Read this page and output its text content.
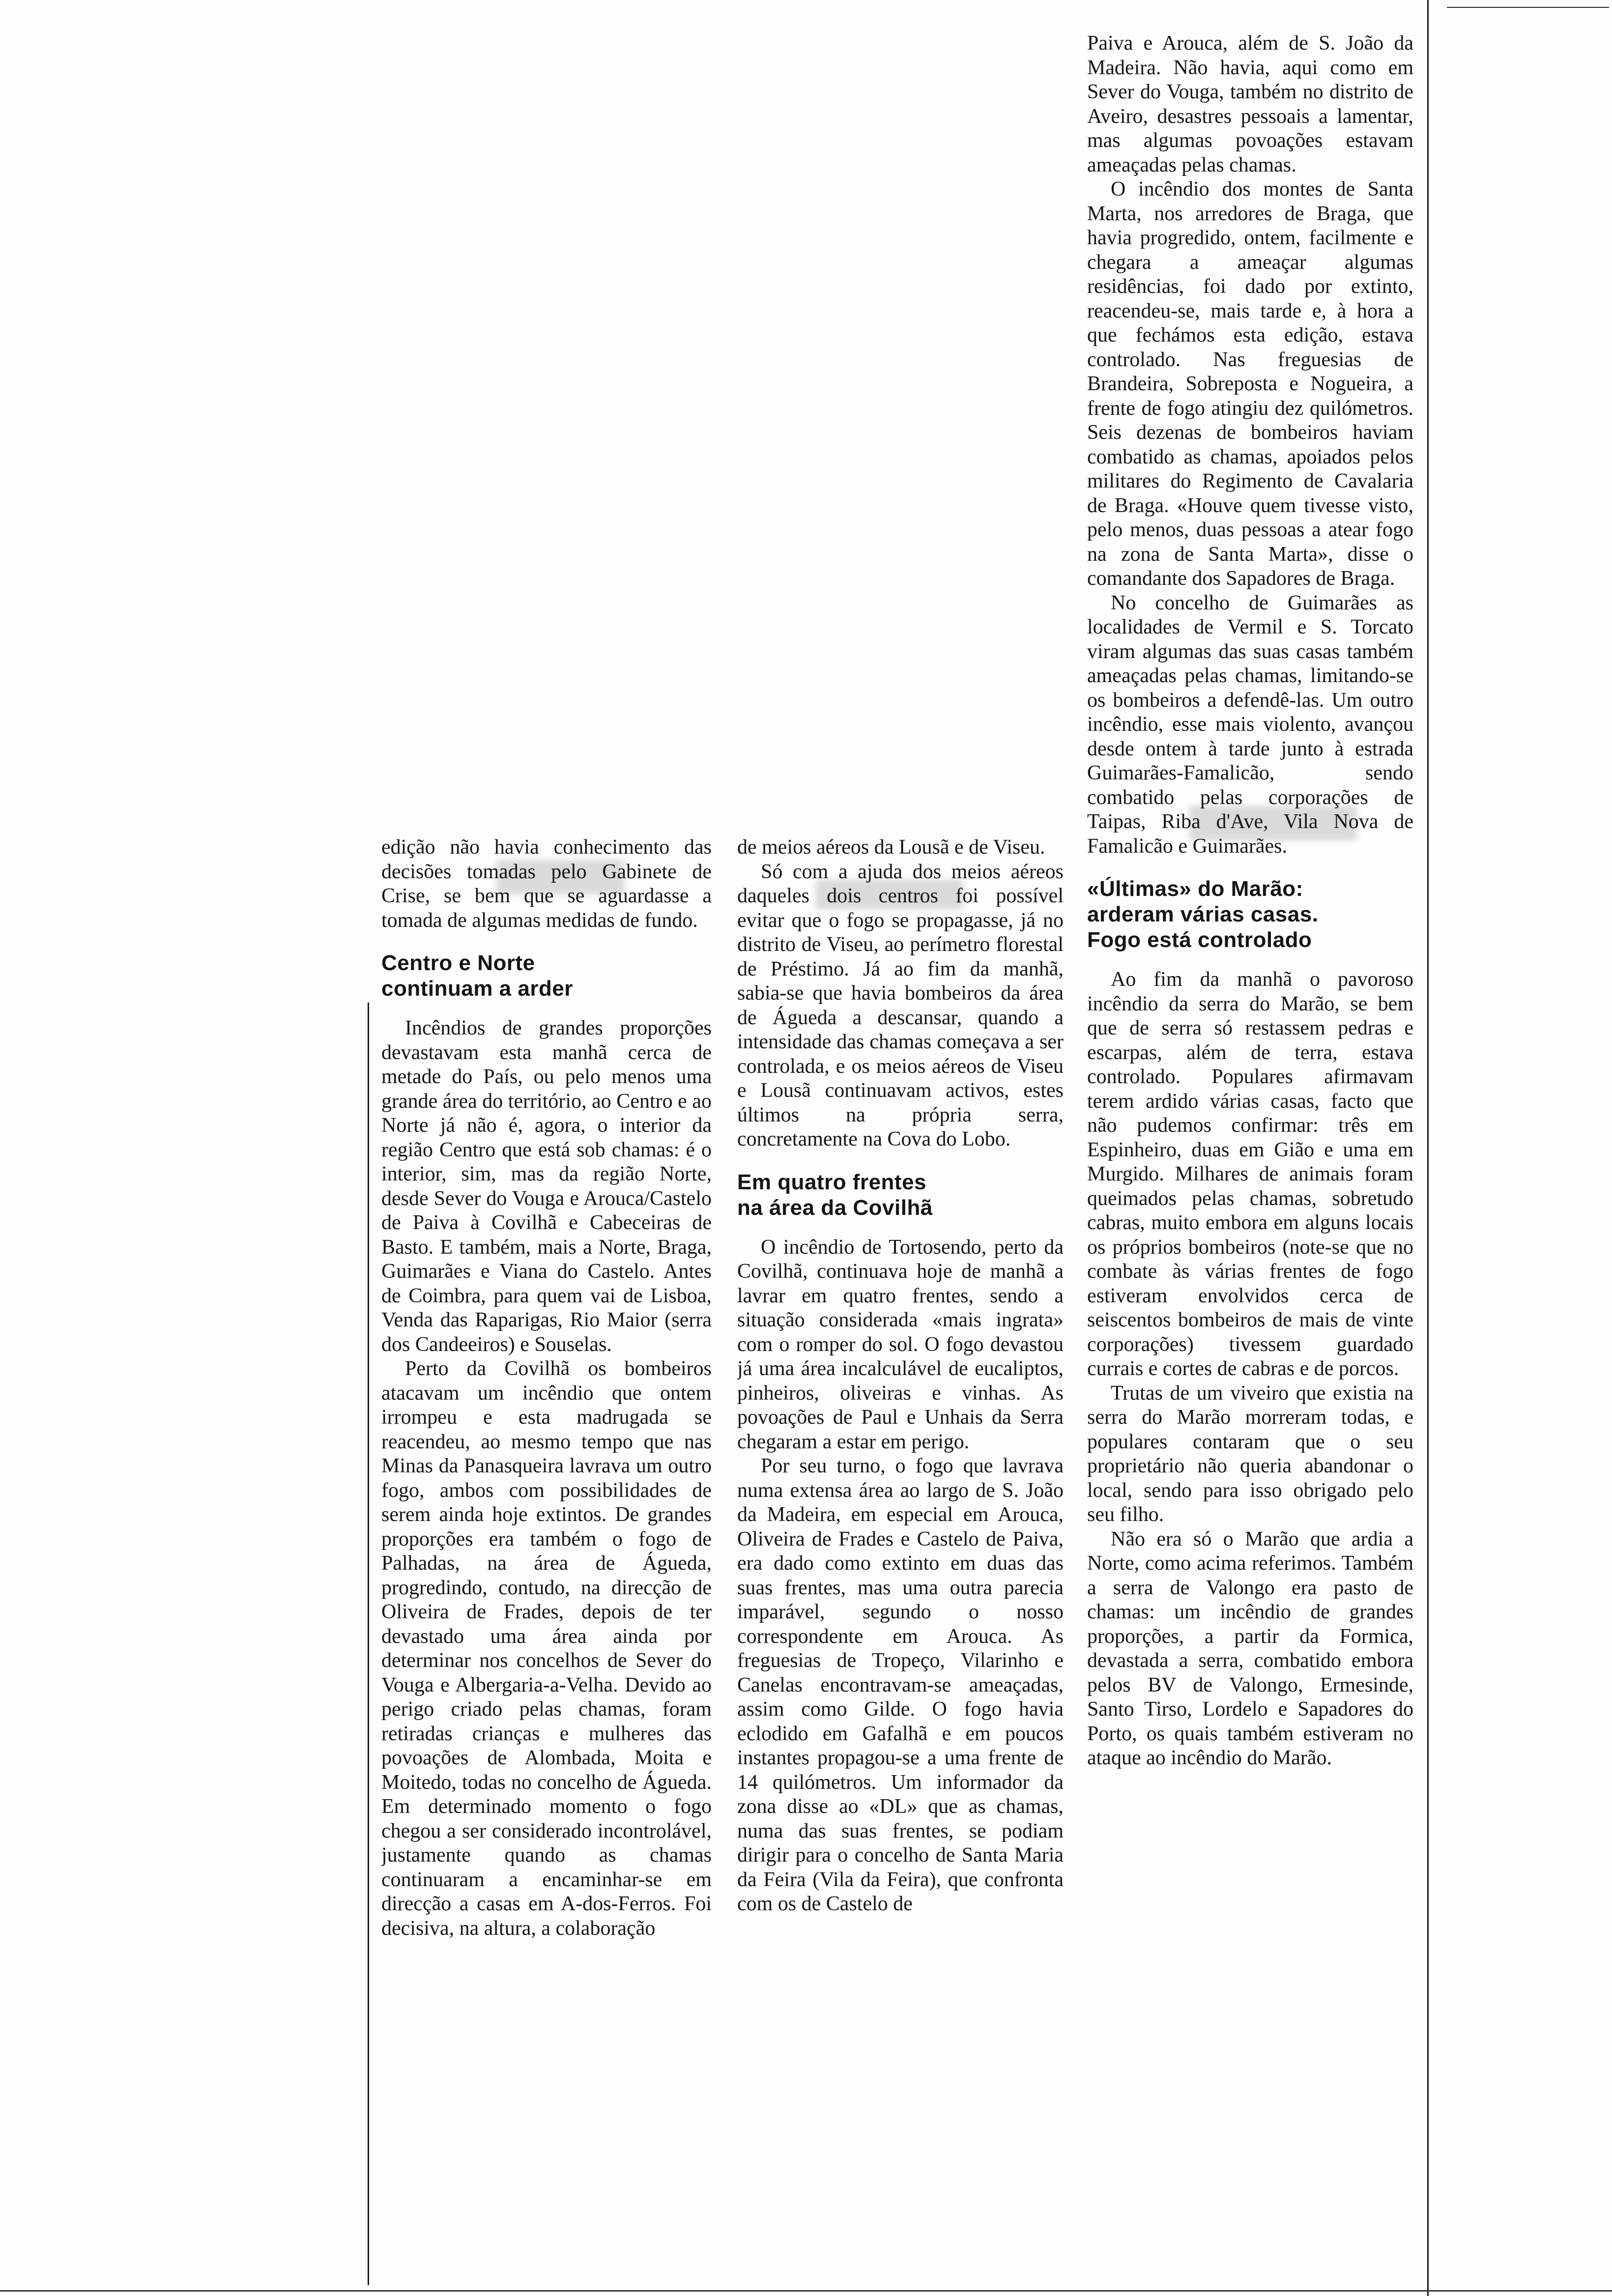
edição não havia conhecimento das decisões tomadas pelo Gabinete de Crise, se bem que se aguardasse a tomada de algumas medidas de fundo.

Centro e Norte
continuam a arder

Incêndios de grandes proporções devastavam esta manhã cerca de metade do País, ou pelo menos uma grande área do território, ao Centro e ao Norte já não é, agora, o interior da região Centro que está sob chamas: é o interior, sim, mas da região Norte, desde Sever do Vouga e Arouca/Castelo de Paiva à Covilhã e Cabeceiras de Basto. E também, mais a Norte, Braga, Guimarães e Viana do Castelo. Antes de Coimbra, para quem vai de Lisboa, Venda das Raparigas, Rio Maior (serra dos Candeeiros) e Souselas.

Perto da Covilhã os bombeiros atacavam um incêndio que ontem irrompeu e esta madrugada se reacendeu, ao mesmo tempo que nas Minas da Panasqueira lavrava um outro fogo, ambos com possibilidades de serem ainda hoje extintos. De grandes proporções era também o fogo de Palhadas, na área de Águeda, progredindo, contudo, na direcção de Oliveira de Frades, depois de ter devastado uma área ainda por determinar nos concelhos de Sever do Vouga e Albergaria-a-Velha. Devido ao perigo criado pelas chamas, foram retiradas crianças e mulheres das povoações de Alombada, Moita e Moitedo, todas no concelho de Águeda. Em determinado momento o fogo chegou a ser considerado incontrolável, justamente quando as chamas continuaram a encaminhar-se em direcção a casas em A-dos-Ferros. Foi decisiva, na altura, a colaboração

de meios aéreos da Lousã e de Viseu.

Só com a ajuda dos meios aéreos daqueles dois centros foi possível evitar que o fogo se propagasse, já no distrito de Viseu, ao perímetro florestal de Préstimo. Já ao fim da manhã, sabia-se que havia bombeiros da área de Águeda a descansar, quando a intensidade das chamas começava a ser controlada, e os meios aéreos de Viseu e Lousã continuavam activos, estes últimos na própria serra, concretamente na Cova do Lobo.

Em quatro frentes
na área da Covilhã

O incêndio de Tortosendo, perto da Covilhã, continuava hoje de manhã a lavrar em quatro frentes, sendo a situação considerada «mais ingrata» com o romper do sol. O fogo devastou já uma área incalculável de eucaliptos, pinheiros, oliveiras e vinhas. As povoações de Paul e Unhais da Serra chegaram a estar em perigo.

Por seu turno, o fogo que lavrava numa extensa área ao largo de S. João da Madeira, em especial em Arouca, Oliveira de Frades e Castelo de Paiva, era dado como extinto em duas das suas frentes, mas uma outra parecia imparável, segundo o nosso correspondente em Arouca. As freguesias de Tropeço, Vilarinho e Canelas encontravam-se ameaçadas, assim como Gilde. O fogo havia eclodido em Gafalhã e em poucos instantes propagou-se a uma frente de 14 quilómetros. Um informador da zona disse ao «DL» que as chamas, numa das suas frentes, se podiam dirigir para o concelho de Santa Maria da Feira (Vila da Feira), que confronta com os de Castelo de

Paiva e Arouca, além de S. João da Madeira. Não havia, aqui como em Sever do Vouga, também no distrito de Aveiro, desastres pessoais a lamentar, mas algumas povoações estavam ameaçadas pelas chamas.

O incêndio dos montes de Santa Marta, nos arredores de Braga, que havia progredido, ontem, facilmente e chegara a ameaçar algumas residências, foi dado por extinto, reacendeu-se, mais tarde e, à hora a que fechámos esta edição, estava controlado. Nas freguesias de Brandeira, Sobreposta e Nogueira, a frente de fogo atingiu dez quilómetros. Seis dezenas de bombeiros haviam combatido as chamas, apoiados pelos militares do Regimento de Cavalaria de Braga. «Houve quem tivesse visto, pelo menos, duas pessoas a atear fogo na zona de Santa Marta», disse o comandante dos Sapadores de Braga.

No concelho de Guimarães as localidades de Vermil e S. Torcato viram algumas das suas casas também ameaçadas pelas chamas, limitando-se os bombeiros a defendê-las. Um outro incêndio, esse mais violento, avançou desde ontem à tarde junto à estrada Guimarães-Famalicão, sendo combatido pelas corporações de Taipas, Riba d'Ave, Vila Nova de Famalicão e Guimarães.

«Últimas» do Marão:
arderam várias casas.
Fogo está controlado

Ao fim da manhã o pavoroso incêndio da serra do Marão, se bem que de serra só restassem pedras e escarpas, além de terra, estava controlado. Populares afirmavam terem ardido várias casas, facto que não pudemos confirmar: três em Espinheiro, duas em Gião e uma em Murgido. Milhares de animais foram queimados pelas chamas, sobretudo cabras, muito embora em alguns locais os próprios bombeiros (note-se que no combate às várias frentes de fogo estiveram envolvidos cerca de seiscentos bombeiros de mais de vinte corporações) tivessem guardado currais e cortes de cabras e de porcos.

Trutas de um viveiro que existia na serra do Marão morreram todas, e populares contaram que o seu proprietário não queria abandonar o local, sendo para isso obrigado pelo seu filho.

Não era só o Marão que ardia a Norte, como acima referimos. Também a serra de Valongo era pasto de chamas: um incêndio de grandes proporções, a partir da Formica, devastada a serra, combatido embora pelos BV de Valongo, Ermesinde, Santo Tirso, Lordelo e Sapadores do Porto, os quais também estiveram no ataque ao incêndio do Marão.
